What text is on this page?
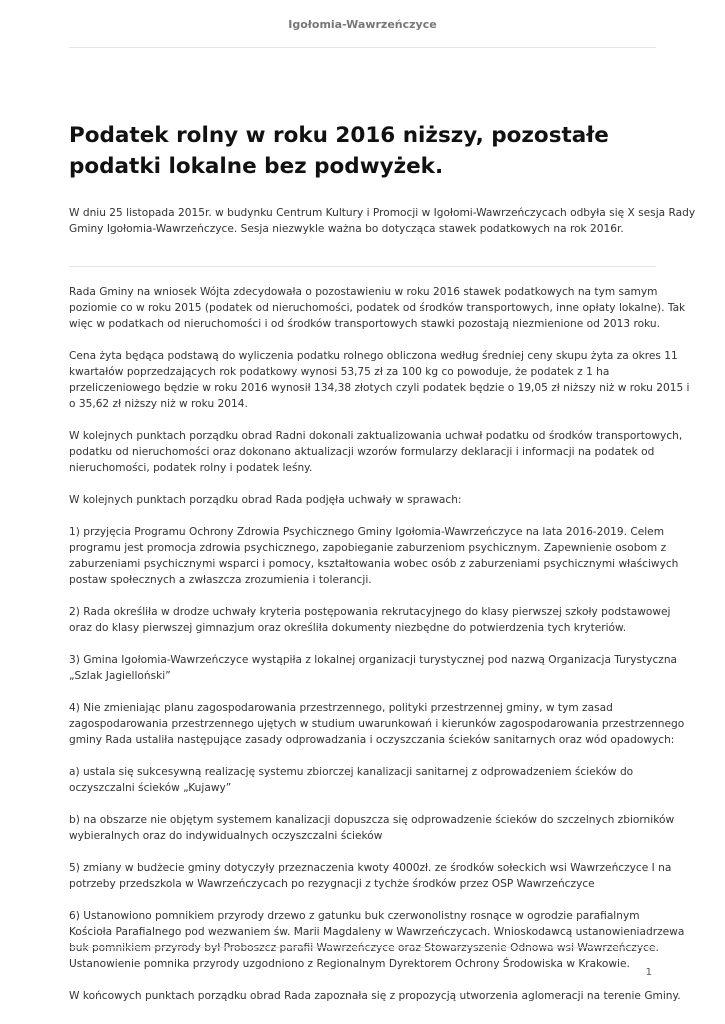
Igołomia-Wawrzeńczyce
Podatek rolny w roku 2016 niższy, pozostałe
podatki lokalne bez podwyżek.
W dniu 25 listopada 2015r. w budynku Centrum Kultury i Promocji w Igołomi-Wawrzeńczycach odbyła się X sesja Rady
Gminy Igołomia-Wawrzeńczyce. Sesja niezwykle ważna bo dotycząca stawek podatkowych na rok 2016r.

Rada Gminy na wniosek Wójta zdecydowała o pozostawieniu w roku 2016 stawek podatkowych na tym samym
poziomie co w roku 2015 (podatek od nieruchomości, podatek od środków transportowych, inne opłaty lokalne). Tak
więc w podatkach od nieruchomości i od środków transportowych stawki pozostają niezmienione od 2013 roku.

Cena żyta będąca podstawą do wyliczenia podatku rolnego obliczona według średniej ceny skupu żyta za okres 11
kwartałów poprzedzających rok podatkowy wynosi 53,75 zł za 100 kg co powoduje, że podatek z 1 ha
przeliczeniowego będzie w roku 2016 wynosił 134,38 złotych czyli podatek będzie o 19,05 zł niższy niż w roku 2015 i
o 35,62 zł niższy niż w roku 2014.

W kolejnych punktach porządku obrad Radni dokonali zaktualizowania uchwał podatku od środków transportowych,
podatku od nieruchomości oraz dokonano aktualizacji wzorów formularzy deklaracji i informacji na podatek od
nieruchomości, podatek rolny i podatek leśny.

W kolejnych punktach porządku obrad Rada podjęła uchwały w sprawach:

1) przyjęcia Programu Ochrony Zdrowia Psychicznego Gminy Igołomia-Wawrzeńczyce na lata 2016-2019. Celem
programu jest promocja zdrowia psychicznego, zapobieganie zaburzeniom psychicznym. Zapewnienie osobom z
zaburzeniami psychicznymi wsparci i pomocy, kształtowania wobec osób z zaburzeniami psychicznymi właściwych
postaw społecznych a zwłaszcza zrozumienia i tolerancji.

2) Rada określiła w drodze uchwały kryteria postępowania rekrutacyjnego do klasy pierwszej szkoły podstawowej
oraz do klasy pierwszej gimnazjum oraz określiła dokumenty niezbędne do potwierdzenia tych kryteriów.

3) Gmina Igołomia-Wawrzeńczyce wystąpiła z lokalnej organizacji turystycznej pod nazwą Organizacja Turystyczna
„Szlak Jagielloński”

4) Nie zmieniając planu zagospodarowania przestrzennego, polityki przestrzennej gminy, w tym zasad
zagospodarowania przestrzennego ujętych w studium uwarunkowań i kierunków zagospodarowania przestrzennego
gminy Rada ustaliła następujące zasady odprowadzania i oczyszczania ścieków sanitarnych oraz wód opadowych:

a) ustala się sukcesywną realizację systemu zbiorczej kanalizacji sanitarnej z odprowadzeniem ścieków do
oczyszczalni ścieków „Kujawy”

b) na obszarze nie objętym systemem kanalizacji dopuszcza się odprowadzenie ścieków do szczelnych zbiorników
wybieralnych oraz do indywidualnych oczyszczalni ścieków

5) zmiany w budżecie gminy dotyczyły przeznaczenia kwoty 4000zł. ze środków sołeckich wsi Wawrzeńczyce I na
potrzeby przedszkola w Wawrzeńczycach po rezygnacji z tychże środków przez OSP Wawrzeńczyce

6) Ustanowiono pomnikiem przyrody drzewo z gatunku buk czerwonolistny rosnące w ogrodzie parafialnym
Kościoła Parafialnego pod wezwaniem św. Marii Magdaleny w Wawrzeńczycach. Wnioskodawcą ustanowieniadrzewa
buk pomnikiem przyrody był Proboszcz parafii Wawrzeńczyce oraz Stowarzyszenie Odnowa wsi Wawrzeńczyce.
Ustanowienie pomnika przyrody uzgodniono z Regionalnym Dyrektorem Ochrony Środowiska w Krakowie.

W końcowych punktach porządku obrad Rada zapoznała się z propozycją utworzenia aglomeracji na terenie Gminy.

1
